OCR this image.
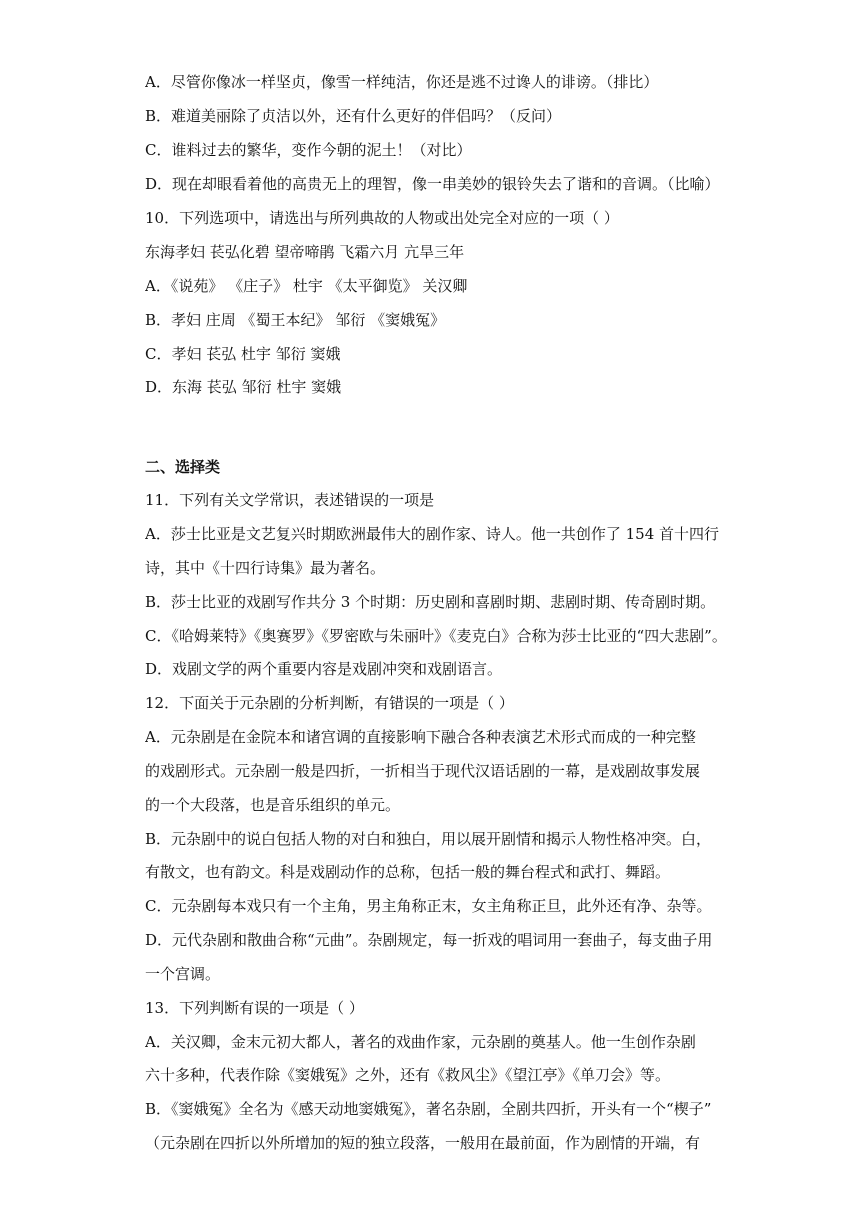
A．尽管你像冰一样坚贞，像雪一样纯洁，你还是逃不过谗人的诽谤。（排比）
B．难道美丽除了贞洁以外，还有什么更好的伴侣吗？（反问）
C．谁料过去的繁华，变作今朝的泥土！（对比）
D．现在却眼看着他的高贵无上的理智，像一串美妙的银铃失去了谐和的音调。（比喻）
10．下列选项中，请选出与所列典故的人物或出处完全对应的一项（ ）
东海孝妇 苌弘化碧 望帝啼鹃 飞霜六月 亢旱三年
A．《说苑》 《庄子》 杜宇 《太平御览》 关汉卿
B．孝妇 庄周 《蜀王本纪》 邹衍 《窦娥冤》
C．孝妇 苌弘 杜宇 邹衍 窦娥
D．东海 苌弘 邹衍 杜宇 窦娥
二、选择类
11．下列有关文学常识，表述错误的一项是
A．莎士比亚是文艺复兴时期欧洲最伟大的剧作家、诗人。他一共创作了 154 首十四行
诗，其中《十四行诗集》最为著名。
B．莎士比亚的戏剧写作共分 3 个时期：历史剧和喜剧时期、悲剧时期、传奇剧时期。
C．《哈姆莱特》《奥赛罗》《罗密欧与朱丽叶》《麦克白》合称为莎士比亚的“四大悲剧”。
D．戏剧文学的两个重要内容是戏剧冲突和戏剧语言。
12．下面关于元杂剧的分析判断，有错误的一项是（ ）
A．元杂剧是在金院本和诸宫调的直接影响下融合各种表演艺术形式而成的一种完整
的戏剧形式。元杂剧一般是四折，一折相当于现代汉语话剧的一幕，是戏剧故事发展
的一个大段落，也是音乐组织的单元。
B．元杂剧中的说白包括人物的对白和独白，用以展开剧情和揭示人物性格冲突。白，
有散文，也有韵文。科是戏剧动作的总称，包括一般的舞台程式和武打、舞蹈。
C．元杂剧每本戏只有一个主角，男主角称正末，女主角称正旦，此外还有净、杂等。
D．元代杂剧和散曲合称“元曲”。杂剧规定，每一折戏的唱词用一套曲子，每支曲子用
一个宫调。
13．下列判断有误的一项是（ ）
A．关汉卿，金末元初大都人，著名的戏曲作家，元杂剧的奠基人。他一生创作杂剧
六十多种，代表作除《窦娥冤》之外，还有《救风尘》《望江亭》《单刀会》等。
B．《窦娥冤》全名为《感天动地窦娥冤》，著名杂剧，全剧共四折，开头有一个“楔子”
（元杂剧在四折以外所增加的短的独立段落，一般用在最前面，作为剧情的开端，有
